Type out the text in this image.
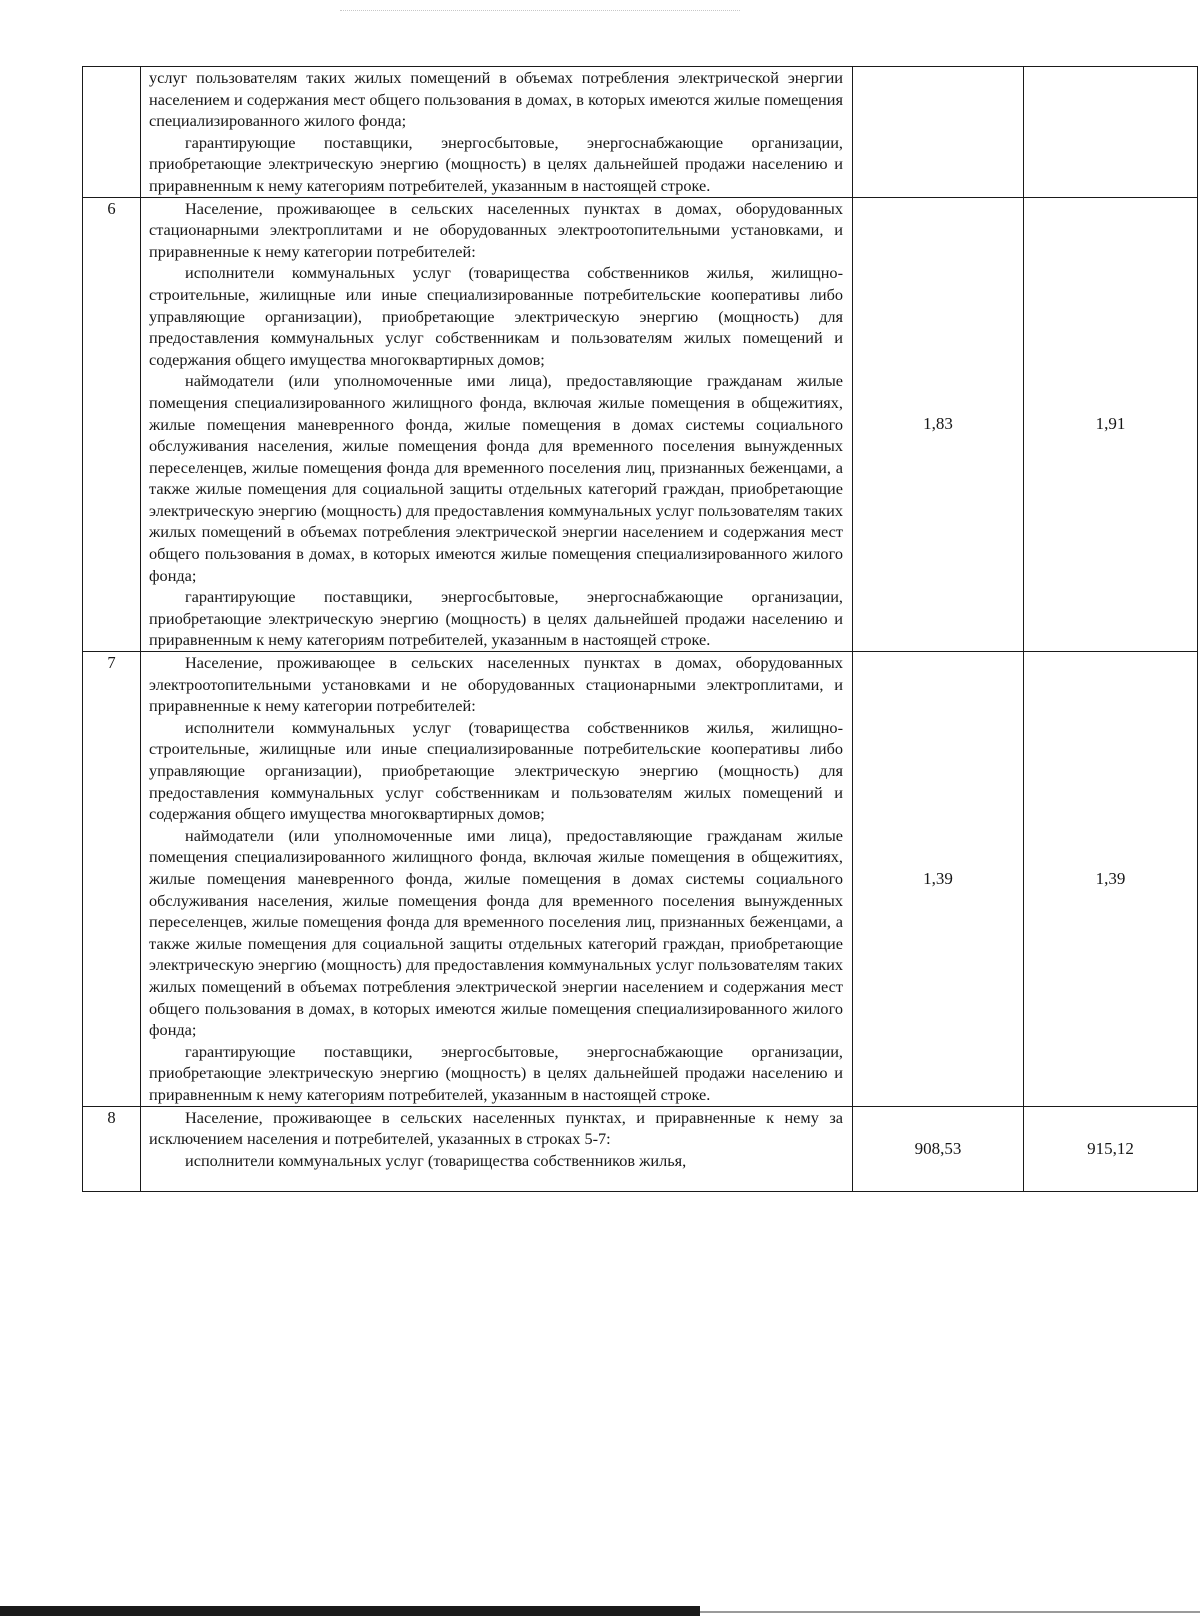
	услуг пользователям таких жилых помещений в объемах потребления электрической энергии населением и содержания мест общего пользования в домах, в которых имеются жилые помещения специализированного жилого фонда;

гарантирующие поставщики, энергосбытовые, энергоснабжающие организации, приобретающие электрическую энергию (мощность) в целях дальнейшей продажи населению и приравненным к нему категориям потребителей, указанным в настоящей строке.		

6	Население, проживающее в сельских населенных пунктах в домах, оборудованных стационарными электроплитами и не оборудованных электроотопительными установками, и приравненные к нему категории потребителей:

исполнители коммунальных услуг (товарищества собственников жилья, жилищно-строительные, жилищные или иные специализированные потребительские кооперативы либо управляющие организации), приобретающие электрическую энергию (мощность) для предоставления коммунальных услуг собственникам и пользователям жилых помещений и содержания общего имущества многоквартирных домов;

наймодатели (или уполномоченные ими лица), предоставляющие гражданам жилые помещения специализированного жилищного фонда, включая жилые помещения в общежитиях, жилые помещения маневренного фонда, жилые помещения в домах системы социального обслуживания населения, жилые помещения фонда для временного поселения вынужденных переселенцев, жилые помещения фонда для временного поселения лиц, признанных беженцами, а также жилые помещения для социальной защиты отдельных категорий граждан, приобретающие электрическую энергию (мощность) для предоставления коммунальных услуг пользователям таких жилых помещений в объемах потребления электрической энергии населением и содержания мест общего пользования в домах, в которых имеются жилые помещения специализированного жилого фонда;

гарантирующие поставщики, энергосбытовые, энергоснабжающие организации, приобретающие электрическую энергию (мощность) в целях дальнейшей продажи населению и приравненным к нему категориям потребителей, указанным в настоящей строке.	1,83	1,91
7	Население, проживающее в сельских населенных пунктах в домах, оборудованных электроотопительными установками и не оборудованных стационарными электроплитами, и приравненные к нему категории потребителей:

исполнители коммунальных услуг (товарищества собственников жилья, жилищно-строительные, жилищные или иные специализированные потребительские кооперативы либо управляющие организации), приобретающие электрическую энергию (мощность) для предоставления коммунальных услуг собственникам и пользователям жилых помещений и содержания общего имущества многоквартирных домов;

наймодатели (или уполномоченные ими лица), предоставляющие гражданам жилые помещения специализированного жилищного фонда, включая жилые помещения в общежитиях, жилые помещения маневренного фонда, жилые помещения в домах системы социального обслуживания населения, жилые помещения фонда для временного поселения вынужденных переселенцев, жилые помещения фонда для временного поселения лиц, признанных беженцами, а также жилые помещения для социальной защиты отдельных категорий граждан, приобретающие электрическую энергию (мощность) для предоставления коммунальных услуг пользователям таких жилых помещений в объемах потребления электрической энергии населением и содержания мест общего пользования в домах, в которых имеются жилые помещения специализированного жилого фонда;

гарантирующие поставщики, энергосбытовые, энергоснабжающие организации, приобретающие электрическую энергию (мощность) в целях дальнейшей продажи населению и приравненным к нему категориям потребителей, указанным в настоящей строке.	1,39	1,39
8	Население, проживающее в сельских населенных пунктах, и приравненные к нему за исключением населения и потребителей, указанных в строках 5-7:

исполнители коммунальных услуг (товарищества собственников жилья,	908,53	915,12
